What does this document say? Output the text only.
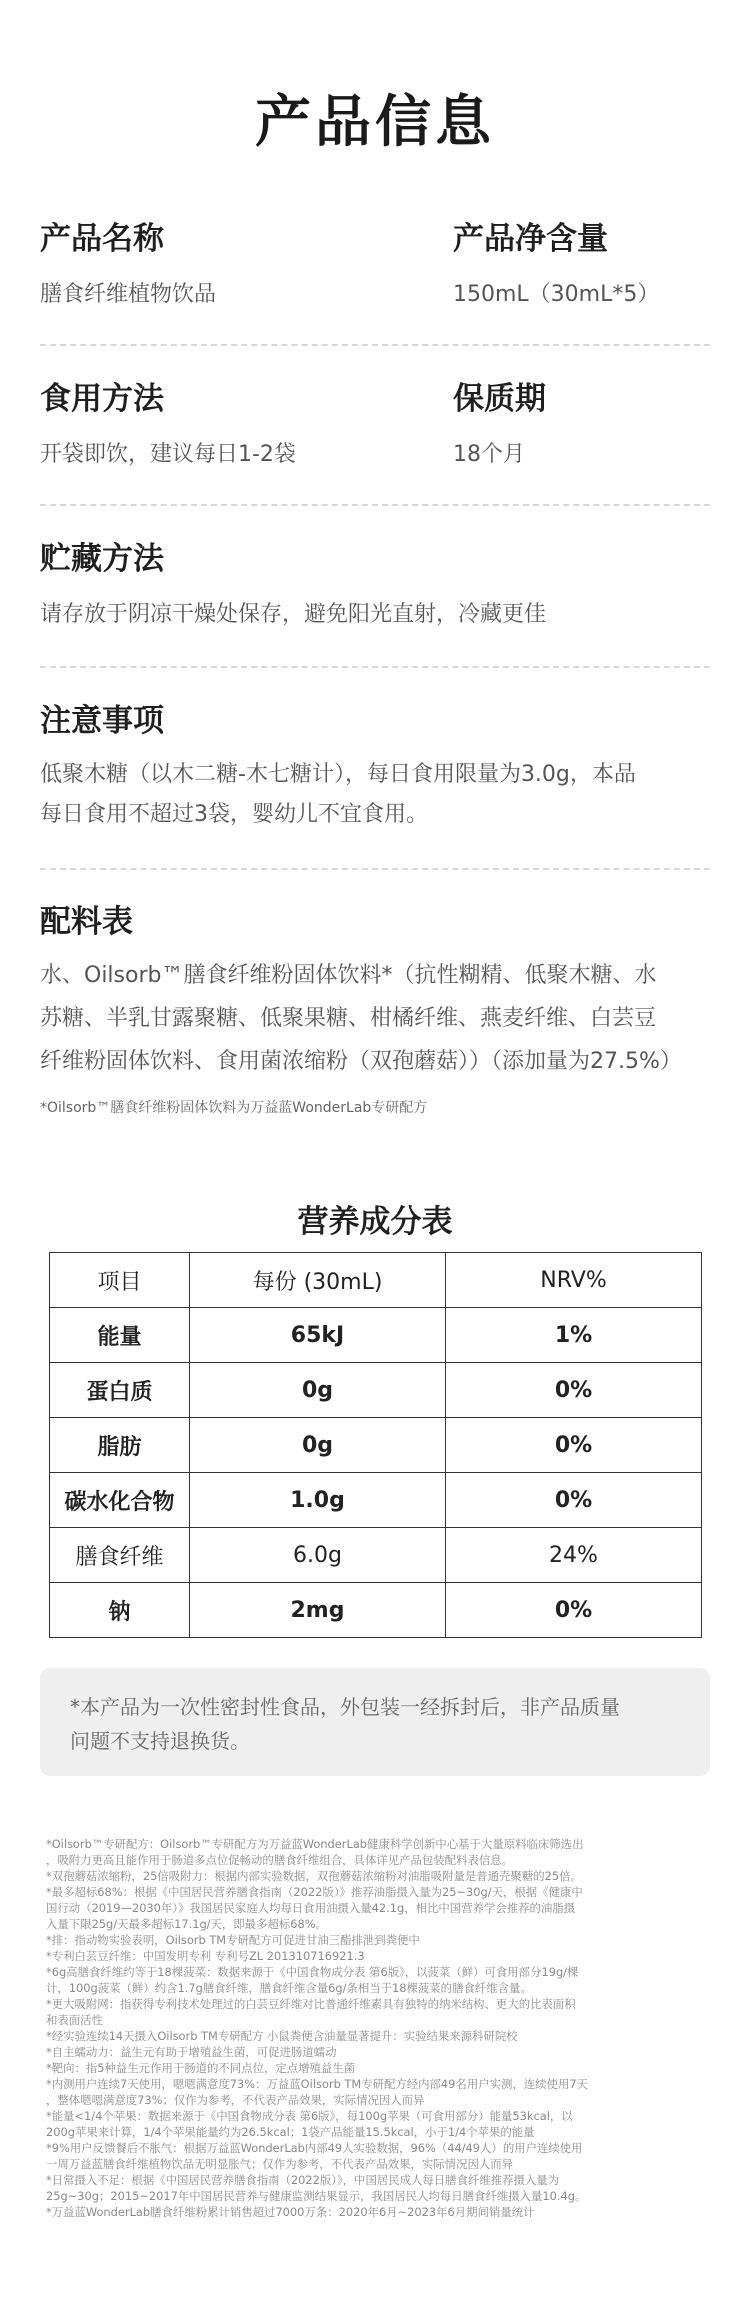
产品信息
产品名称

膳食纤维植物饮品

产品净含量

150mL（30mL*5）

食用方法

开袋即饮，建议每日1-2袋

保质期

18个月

贮藏方法

请存放于阴凉干燥处保存，避免阳光直射，冷藏更佳

注意事项

低聚木糖（以木二糖-木七糖计），每日食用限量为3.0g，本品
每日食用不超过3袋，婴幼儿不宜食用。

配料表
水、Oilsorb™膳食纤维粉固体饮料*（抗性糊精、低聚木糖、水
苏糖、半乳甘露聚糖、低聚果糖、柑橘纤维、燕麦纤维、白芸豆
纤维粉固体饮料、食用菌浓缩粉（双孢蘑菇））（添加量为27.5%）
*Oilsorb™膳食纤维粉固体饮料为万益蓝WonderLab专研配方
营养成分表
项目	每份 (30mL)	NRV%
能量	65kJ	1%
蛋白质	0g	0%
脂肪	0g	0%
碳水化合物	1.0g	0%
膳食纤维	6.0g	24%
钠	2mg	0%
*本产品为一次性密封性食品，外包装一经拆封后，非产品质量
问题不支持退换货。
*Oilsorb™专研配方：Oilsorb™专研配方为万益蓝WonderLab健康科学创新中心基于大量原料临床筛选出
，吸附力更高且能作用于肠道多点位促畅动的膳食纤维组合，具体详见产品包装配料表信息。
*双孢蘑菇浓缩粉，25倍吸附力：根据内部实验数据，双孢蘑菇浓缩粉对油脂吸附量是普通壳聚糖的25倍。
*最多超标68%：根据《中国居民营养膳食指南（2022版）》推荐油脂摄入量为25~30g/天，根据《健康中
国行动（2019—2030年）》我国居民家庭人均每日食用油摄入量42.1g，相比中国营养学会推荐的油脂摄
入量下限25g/天最多超标17.1g/天，即最多超标68%。
*排：指动物实验表明，Oilsorb TM专研配方可促进甘油三酯排泄到粪便中
*专利白芸豆纤维：中国发明专利 专利号ZL 201310716921.3
*6g高膳食纤维约等于18棵菠菜：数据来源于《中国食物成分表 第6版》，以菠菜（鲜）可食用部分19g/棵
计，100g菠菜（鲜）约含1.7g膳食纤维，膳食纤维含量6g/条相当于18棵菠菜的膳食纤维含量。
*更大吸附网：指获得专利技术处理过的白芸豆纤维对比普通纤维素具有独特的纳米结构、更大的比表面积
和表面活性
*经实验连续14天摄入Oilsorb TM专研配方 小鼠粪便含油量显著提升：实验结果来源科研院校
*自主蠕动力：益生元有助于增殖益生菌，可促进肠道蠕动
*靶向：指5种益生元作用于肠道的不同点位，定点增殖益生菌
*内测用户连续7天使用，嗯嗯满意度73%：万益蓝Oilsorb TM专研配方经内部49名用户实测，连续使用7天
，整体嗯嗯满意度73%；仅作为参考，不代表产品效果，实际情况因人而异
*能量<1/4个苹果：数据来源于《中国食物成分表 第6版》，每100g苹果（可食用部分）能量53kcal，以
200g苹果来计算，1/4个苹果能量约为26.5kcal；1袋产品能量15.5kcal，小于1/4个苹果的能量
*9%用户反馈餐后不胀气：根据万益蓝WonderLab内部49人实验数据，96%（44/49人）的用户连续使用
一周万益蓝膳食纤维植物饮品无明显胀气；仅作为参考，不代表产品效果，实际情况因人而异
*日常摄入不足：根据《中国居民营养膳食指南（2022版）》，中国居民成人每日膳食纤维推荐摄入量为
25g~30g；2015~2017年中国居民营养与健康监测结果显示，我国居民人均每日膳食纤维摄入量10.4g。
*万益蓝WonderLab膳食纤维粉累计销售超过7000万条：2020年6月~2023年6月期间销量统计
